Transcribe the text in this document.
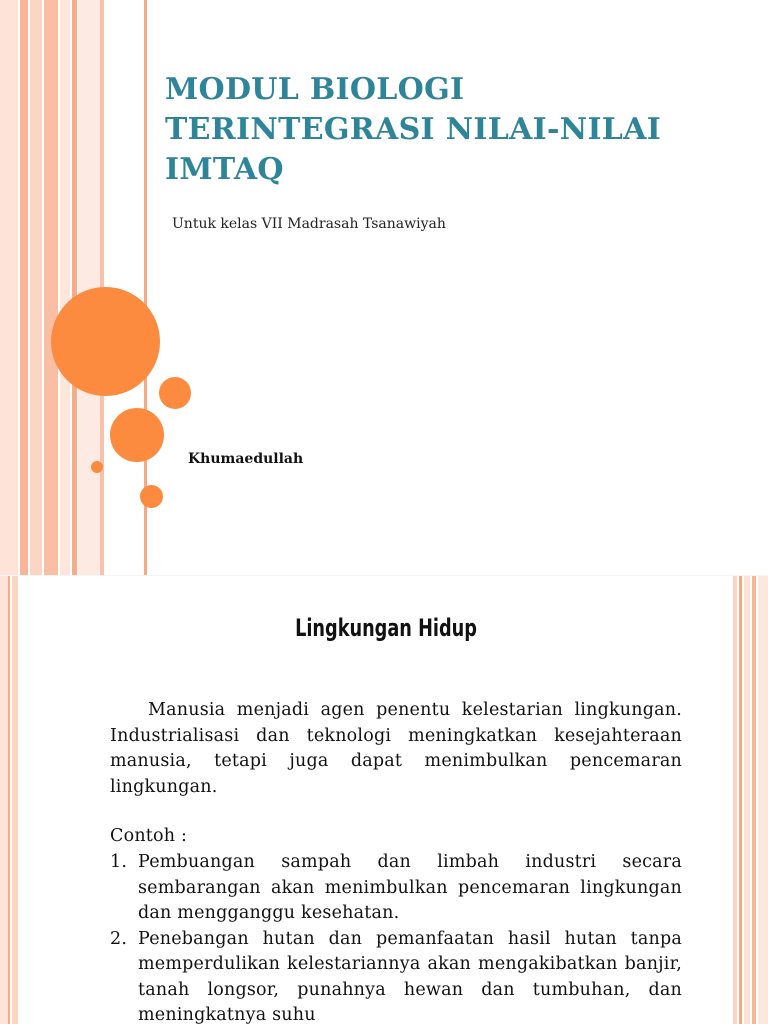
MODUL BIOLOGI TERINTEGRASI NILAI-NILAI IMTAQ

Untuk kelas VII Madrasah Tsanawiyah

Khumaedullah

Lingkungan Hidup

Manusia menjadi agen penentu kelestarian lingkungan. Industrialisasi dan teknologi meningkatkan kesejahteraan manusia, tetapi juga dapat menimbulkan pencemaran lingkungan.

Contoh :

1. Pembuangan sampah dan limbah industri secara sembarangan akan menimbulkan pencemaran lingkungan dan mengganggu kesehatan.
2. Penebangan hutan dan pemanfaatan hasil hutan tanpa memperdulikan kelestariannya akan mengakibatkan banjir, tanah longsor, punahnya hewan dan tumbuhan, dan meningkatnya suhu
